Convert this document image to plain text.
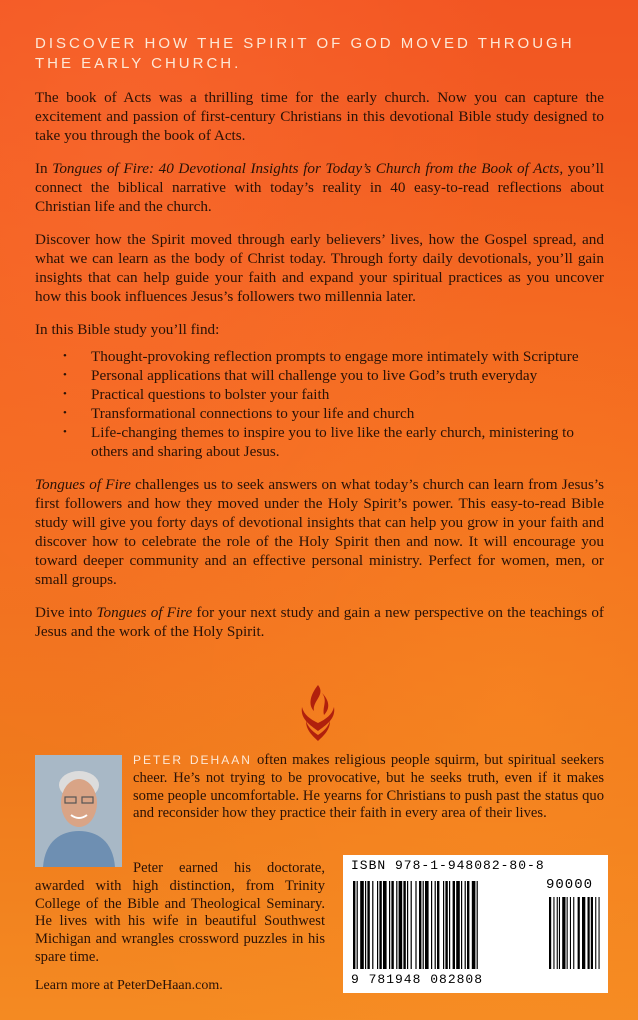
DISCOVER HOW THE SPIRIT OF GOD MOVED THROUGH THE EARLY CHURCH.

The book of Acts was a thrilling time for the early church. Now you can capture the excitement and passion of first-century Christians in this devotional Bible study designed to take you through the book of Acts.

In Tongues of Fire: 40 Devotional Insights for Today’s Church from the Book of Acts, you’ll connect the biblical narrative with today’s reality in 40 easy-to-read reflections about Christian life and the church.

Discover how the Spirit moved through early believers’ lives, how the Gospel spread, and what we can learn as the body of Christ today. Through forty daily devotionals, you’ll gain insights that can help guide your faith and expand your spiritual practices as you uncover how this book influences Jesus’s followers two millennia later.

In this Bible study you’ll find:

• Thought-provoking reflection prompts to engage more intimately with Scripture
• Personal applications that will challenge you to live God’s truth everyday
• Practical questions to bolster your faith
• Transformational connections to your life and church
• Life-changing themes to inspire you to live like the early church, ministering to others and sharing about Jesus.

Tongues of Fire challenges us to seek answers on what today’s church can learn from Jesus’s first followers and how they moved under the Holy Spirit’s power. This easy-to-read Bible study will give you forty days of devotional insights that can help you grow in your faith and discover how to celebrate the role of the Holy Spirit then and now. It will encourage you toward deeper community and an effective personal ministry. Perfect for women, men, or small groups.

Dive into Tongues of Fire for your next study and gain a new perspective on the teachings of Jesus and the work of the Holy Spirit.

PETER DEHAAN often makes religious people squirm, but spiritual seekers cheer. He’s not trying to be provocative, but he seeks truth, even if it makes some people uncomfortable. He yearns for Christians to push past the status quo and reconsider how they practice their faith in every area of their lives.
Peter earned his doctorate, awarded with high distinction, from Trinity College of the Bible and Theological Seminary. He lives with his wife in beautiful Southwest Michigan and wrangles crossword puzzles in his spare time.
Learn more at PeterDeHaan.com.
ISBN 978-1-948082-80-8
90000
9 781948 082808
